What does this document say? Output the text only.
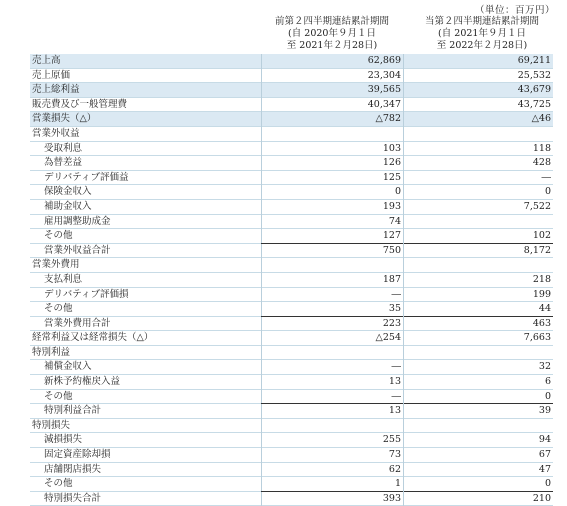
（単位：百万円）
前第２四半期連結累計期間
(自 2020年９月１日
至 2021年２月28日)
当第２四半期連結累計期間
(自 2021年９月１日
至 2022年２月28日)
売上高	62,869	69,211
売上原価	23,304	25,532
売上総利益	39,565	43,679
販売費及び一般管理費	40,347	43,725
営業損失（△）	△782	△46
営業外収益
受取利息	103	118
為替差益	126	428
デリバティブ評価益	125	―
保険金収入	0	0
補助金収入	193	7,522
雇用調整助成金	74
その他	127	102
営業外収益合計	750	8,172
営業外費用
支払利息	187	218
デリバティブ評価損	―	199
その他	35	44
営業外費用合計	223	463
経常利益又は経常損失（△）	△254	7,663
特別利益
補償金収入	―	32
新株予約権戻入益	13	6
その他	―	0
特別利益合計	13	39
特別損失
減損損失	255	94
固定資産除却損	73	67
店舗閉店損失	62	47
その他	1	0
特別損失合計	393	210
